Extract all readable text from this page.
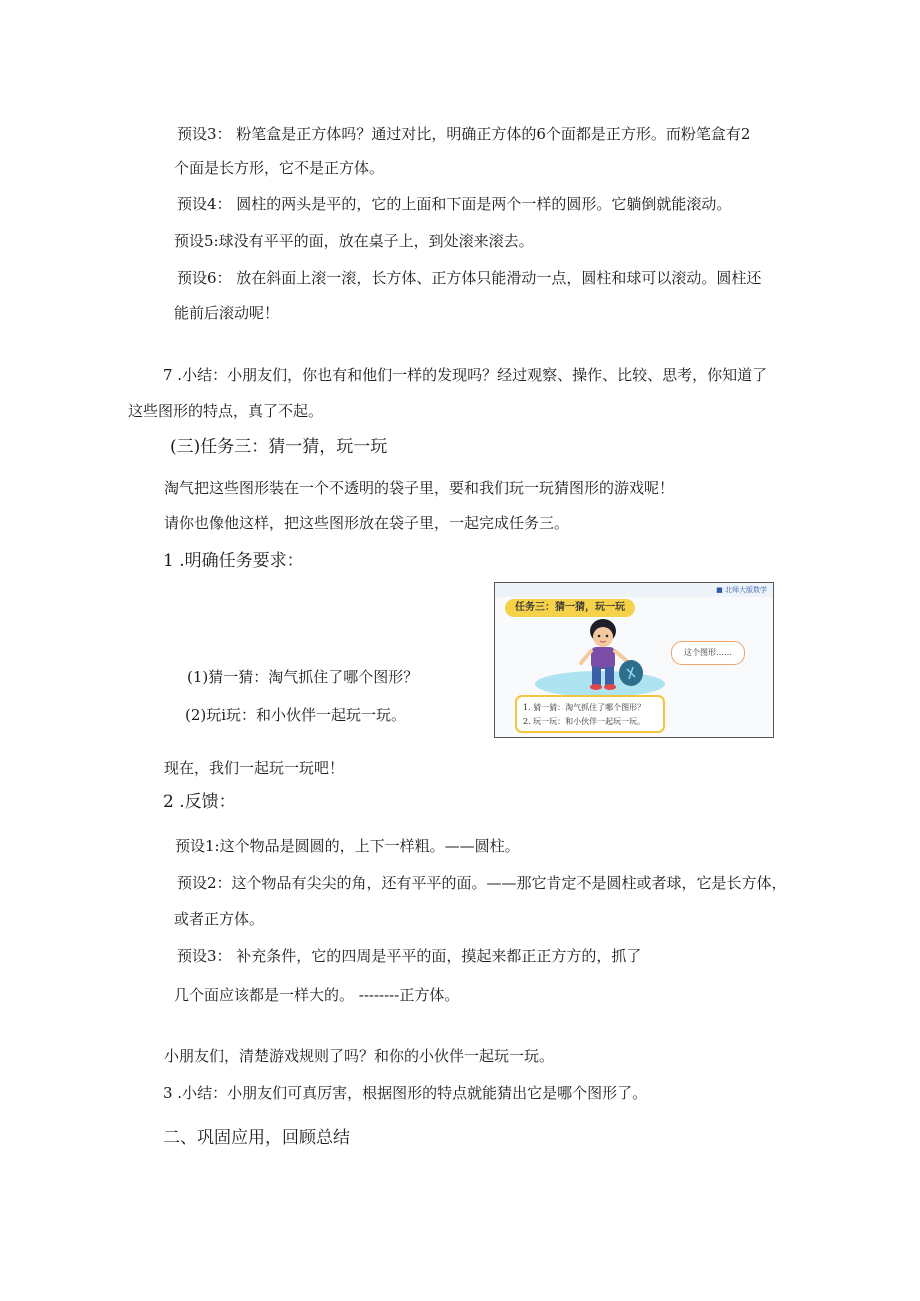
预设3： 粉笔盒是正方体吗？通过对比，明确正方体的6个面都是正方形。而粉笔盒有2
个面是长方形，它不是正方体。
预设4： 圆柱的两头是平的，它的上面和下面是两个一样的圆形。它躺倒就能滚动。
预设5:球没有平平的面，放在桌子上，到处滚来滚去。
预设6： 放在斜面上滚一滚，长方体、正方体只能滑动一点，圆柱和球可以滚动。圆柱还
能前后滚动呢！
7 .小结：小朋友们，你也有和他们一样的发现吗？经过观察、操作、比较、思考，你知道了
这些图形的特点，真了不起。
(三)任务三：猜一猜，玩一玩
淘气把这些图形装在一个不透明的袋子里，要和我们玩一玩猜图形的游戏呢！
请你也像他这样，把这些图形放在袋子里，一起完成任务三。
1 .明确任务要求：
(1)猜一猜：淘气抓住了哪个图形？
(2)玩i玩：和小伙伴一起玩一玩。
■ 北师大版数学
任务三：猜一猜，玩一玩
这个图形……
1. 猜一猜：淘气抓住了哪个图形？
2. 玩一玩：和小伙伴一起玩一玩。
现在，我们一起玩一玩吧！
2 .反馈：
预设1:这个物品是圆圆的，上下一样粗。——圆柱。
预设2：这个物品有尖尖的角，还有平平的面。——那它肯定不是圆柱或者球，它是长方体，
或者正方体。
预设3： 补充条件，它的四周是平平的面，摸起来都正正方方的，抓了
几个面应该都是一样大的。 --------正方体。
小朋友们，清楚游戏规则了吗？和你的小伙伴一起玩一玩。
3 .小结：小朋友们可真厉害，根据图形的特点就能猜出它是哪个图形了。
二、巩固应用，回顾总结
